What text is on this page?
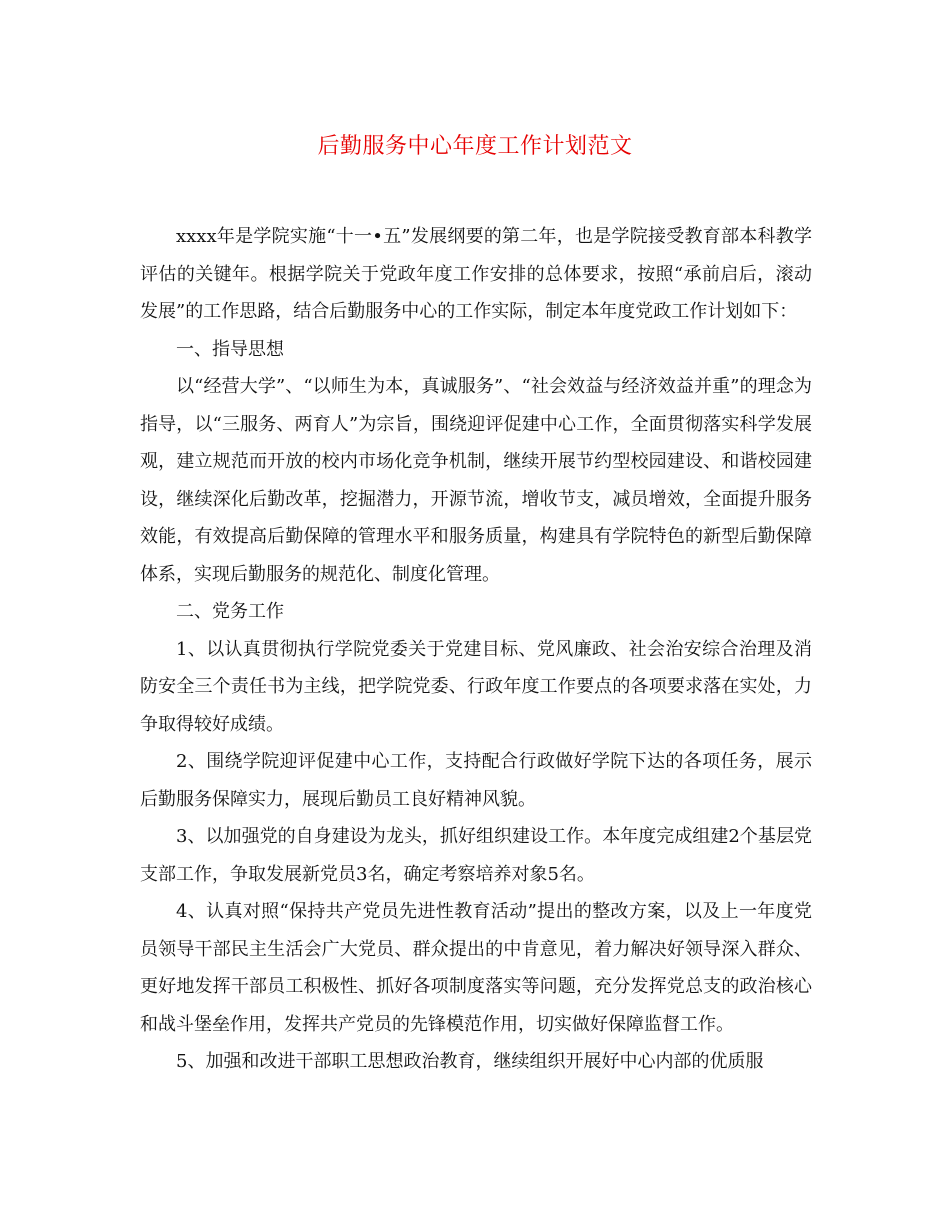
后勤服务中心年度工作计划范文

xxxx年是学院实施“十一•五”发展纲要的第二年，也是学院接受教育部本科教学评估的关键年。根据学院关于党政年度工作安排的总体要求，按照“承前启后，滚动发展”的工作思路，结合后勤服务中心的工作实际，制定本年度党政工作计划如下：

一、指导思想

以“经营大学”、“以师生为本，真诚服务”、“社会效益与经济效益并重”的理念为指导，以“三服务、两育人”为宗旨，围绕迎评促建中心工作，全面贯彻落实科学发展观，建立规范而开放的校内市场化竞争机制，继续开展节约型校园建设、和谐校园建设，继续深化后勤改革，挖掘潜力，开源节流，增收节支，减员增效，全面提升服务效能，有效提高后勤保障的管理水平和服务质量，构建具有学院特色的新型后勤保障体系，实现后勤服务的规范化、制度化管理。

二、党务工作

1、以认真贯彻执行学院党委关于党建目标、党风廉政、社会治安综合治理及消防安全三个责任书为主线，把学院党委、行政年度工作要点的各项要求落在实处，力争取得较好成绩。

2、围绕学院迎评促建中心工作，支持配合行政做好学院下达的各项任务，展示后勤服务保障实力，展现后勤员工良好精神风貌。

3、以加强党的自身建设为龙头，抓好组织建设工作。本年度完成组建2个基层党支部工作，争取发展新党员3名，确定考察培养对象5名。

4、认真对照“保持共产党员先进性教育活动”提出的整改方案，以及上一年度党员领导干部民主生活会广大党员、群众提出的中肯意见，着力解决好领导深入群众、更好地发挥干部员工积极性、抓好各项制度落实等问题，充分发挥党总支的政治核心和战斗堡垒作用，发挥共产党员的先锋模范作用，切实做好保障监督工作。

5、加强和改进干部职工思想政治教育，继续组织开展好中心内部的优质服
